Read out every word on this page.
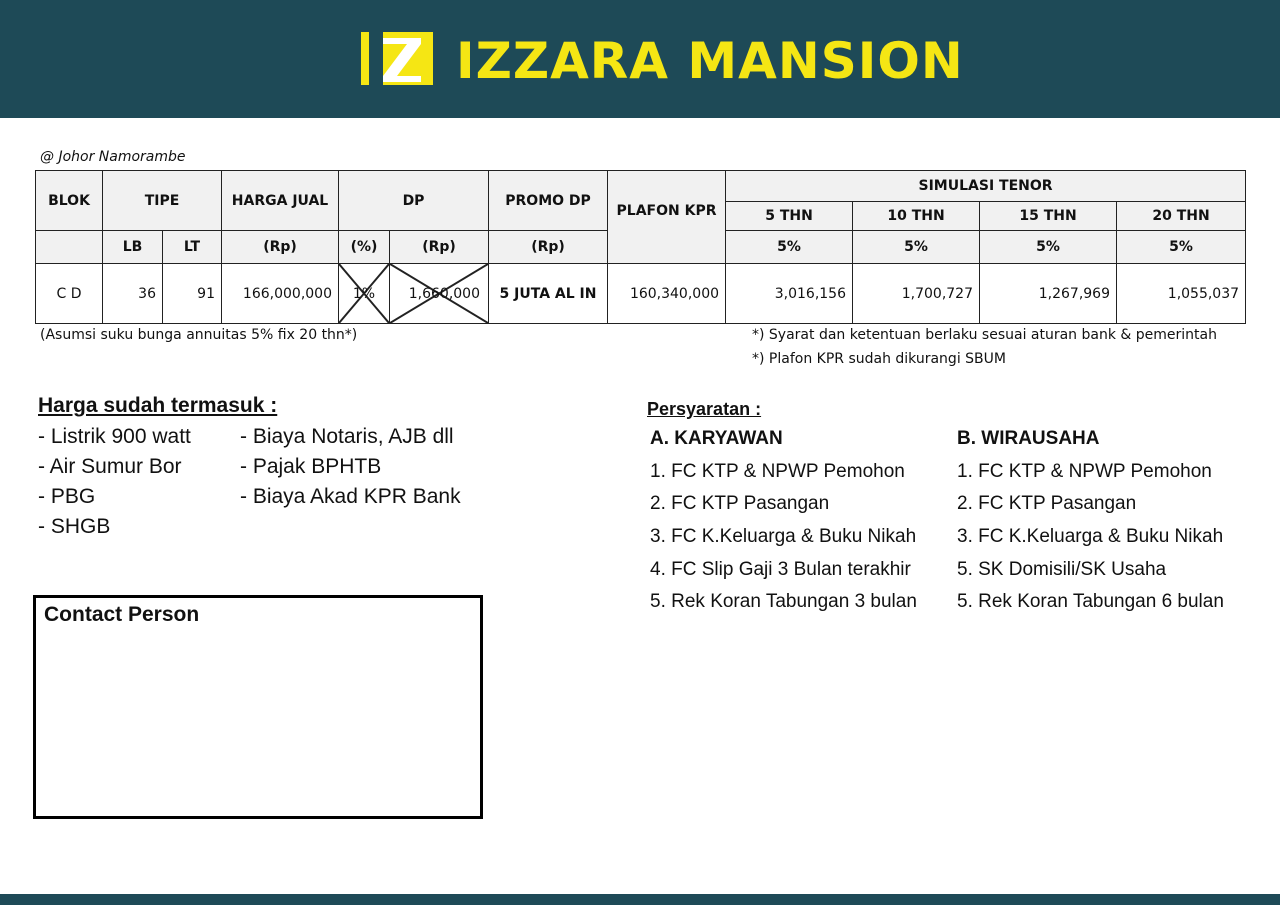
IZZARA MANSION
@ Johor Namorambe
BLOK	TIPE		HARGA JUAL	DP		PROMO DP	PLAFON KPR	SIMULASI TENOR			
								5 THN	10 THN	15 THN	20 THN
	LB	LT	(Rp)	(%)	(Rp)	(Rp)		5%	5%	5%	5%
C D	36	91	166,000,000	1%	1,660,000	5 JUTA AL IN	160,340,000	3,016,156	1,700,727	1,267,969	1,055,037
(Asumsi suku bunga annuitas 5% fix 20 thn*)	*) Syarat dan ketentuan berlaku sesuai aturan bank & pemerintah
*) Plafon KPR sudah dikurangi SBUM
Harga sudah termasuk :
- Listrik 900 watt
- Air Sumur Bor
- PBG
- SHGB
- Biaya Notaris, AJB dll
- Pajak BPHTB
- Biaya Akad KPR Bank
Contact Person
Persyaratan :
A. KARYAWAN	B. WIRAUSAHA
1. FC KTP & NPWP Pemohon
2. FC KTP Pasangan
3. FC K.Keluarga & Buku Nikah
4. FC Slip Gaji 3 Bulan terakhir
5. Rek Koran Tabungan 3 bulan
1. FC KTP & NPWP Pemohon
2. FC KTP Pasangan
3. FC K.Keluarga & Buku Nikah
5. SK Domisili/SK Usaha
5. Rek Koran Tabungan 6 bulan
